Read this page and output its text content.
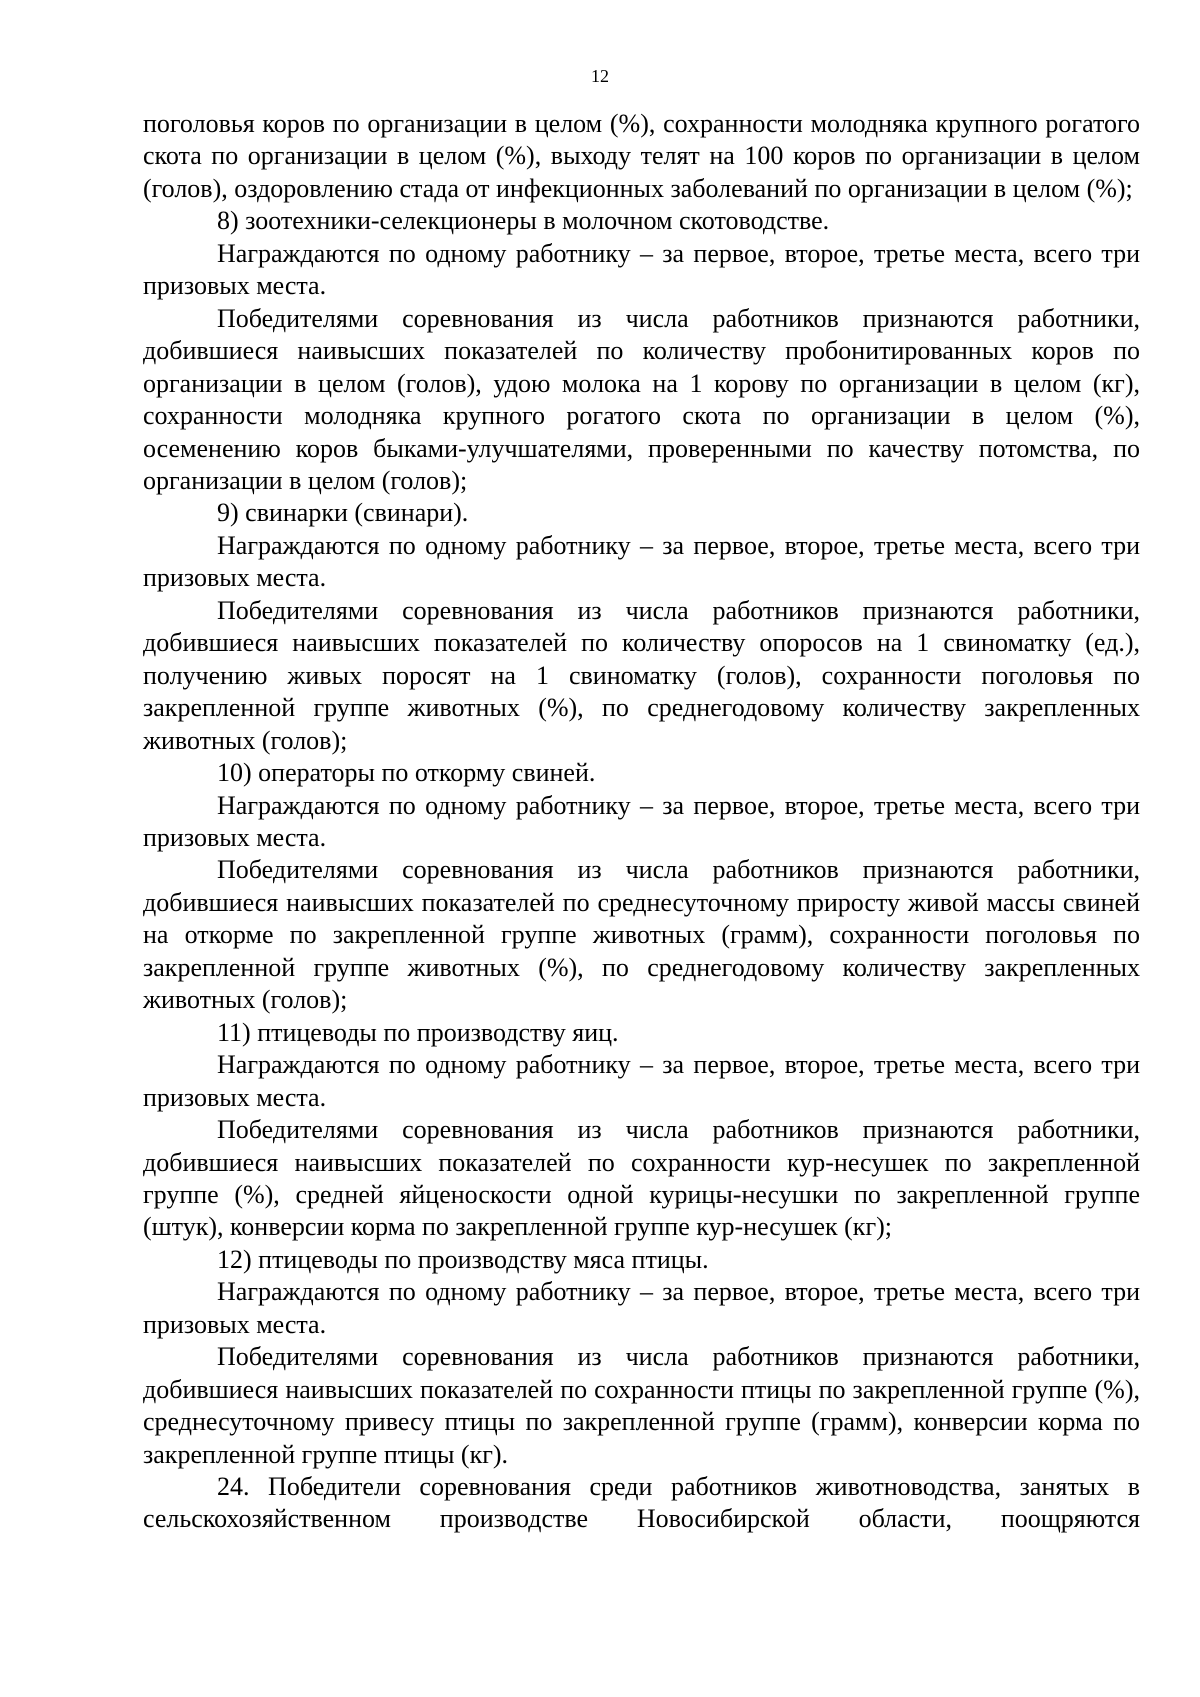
12

поголовья коров по организации в целом (%), сохранности молодняка крупного рогатого скота по организации в целом (%), выходу телят на 100 коров по организации в целом (голов), оздоровлению стада от инфекционных заболеваний по организации в целом (%);

8) зоотехники-селекционеры в молочном скотоводстве.

Награждаются по одному работнику – за первое, второе, третье места, всего три призовых места.

Победителями соревнования из числа работников признаются работники, добившиеся наивысших показателей по количеству пробонитированных коров по организации в целом (голов), удою молока на 1 корову по организации в целом (кг), сохранности молодняка крупного рогатого скота по организации в целом (%), осеменению коров быками-улучшателями, проверенными по качеству потомства, по организации в целом (голов);

9) свинарки (свинари).

Награждаются по одному работнику – за первое, второе, третье места, всего три призовых места.

Победителями соревнования из числа работников признаются работники, добившиеся наивысших показателей по количеству опоросов на 1 свиноматку (ед.), получению живых поросят на 1 свиноматку (голов), сохранности поголовья по закрепленной группе животных (%), по среднегодовому количеству закрепленных животных (голов);

10) операторы по откорму свиней.

Награждаются по одному работнику – за первое, второе, третье места, всего три призовых места.

Победителями соревнования из числа работников признаются работники, добившиеся наивысших показателей по среднесуточному приросту живой массы свиней на откорме по закрепленной группе животных (грамм), сохранности поголовья по закрепленной группе животных (%), по среднегодовому количеству закрепленных животных (голов);

11) птицеводы по производству яиц.

Награждаются по одному работнику – за первое, второе, третье места, всего три призовых места.

Победителями соревнования из числа работников признаются работники, добившиеся наивысших показателей по сохранности кур-несушек по закрепленной группе (%), средней яйценоскости одной курицы-несушки по закрепленной группе (штук), конверсии корма по закрепленной группе кур-несушек (кг);

12) птицеводы по производству мяса птицы.

Награждаются по одному работнику – за первое, второе, третье места, всего три призовых места.

Победителями соревнования из числа работников признаются работники, добившиеся наивысших показателей по сохранности птицы по закрепленной группе (%), среднесуточному привесу птицы по закрепленной группе (грамм), конверсии корма по закрепленной группе птицы (кг).

24. Победители соревнования среди работников животноводства, занятых в сельскохозяйственном производстве Новосибирской области, поощряются
